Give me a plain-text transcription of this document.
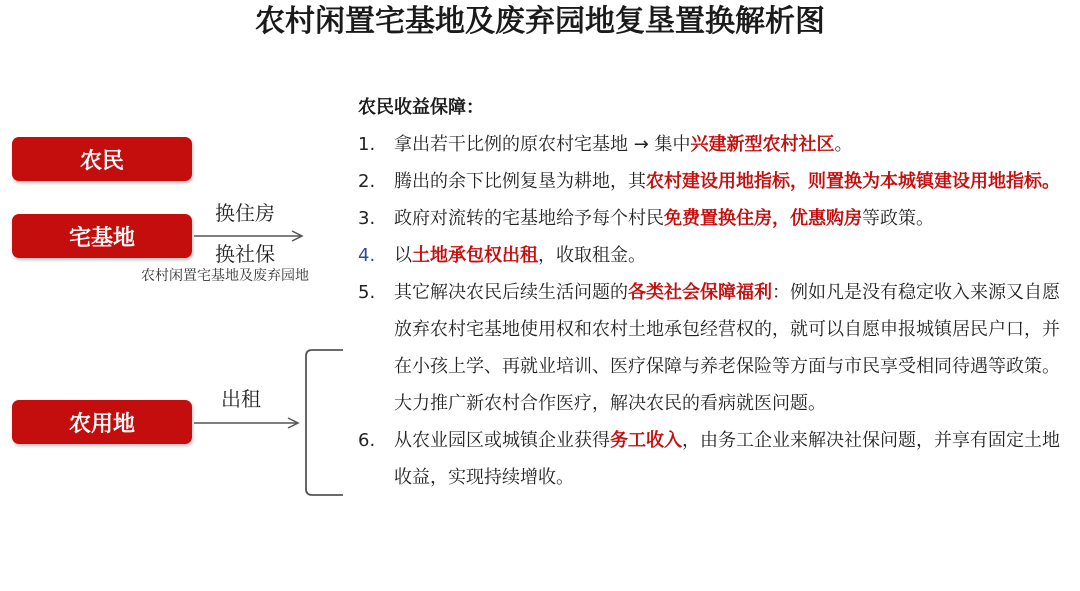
农村闲置宅基地及废弃园地复垦置换解析图
农民
宅基地
农用地
换住房
换社保
出租
农村闲置宅基地及废弃园地
农民收益保障：
1. 拿出若干比例的原农村宅基地 → 集中兴建新型农村社区。
2. 腾出的余下比例复垦为耕地，其农村建设用地指标，则置换为本城镇建设用地指标。
3. 政府对流转的宅基地给予每个村民免费置换住房，优惠购房等政策。
4. 以土地承包权出租，收取租金。
5. 其它解决农民后续生活问题的各类社会保障福利：例如凡是没有稳定收入来源又自愿放弃农村宅基地使用权和农村土地承包经营权的，就可以自愿申报城镇居民户口，并在小孩上学、再就业培训、医疗保障与养老保险等方面与市民享受相同待遇等政策。大力推广新农村合作医疗，解决农民的看病就医问题。
6. 从农业园区或城镇企业获得务工收入，由务工企业来解决社保问题，并享有固定土地收益，实现持续增收。
